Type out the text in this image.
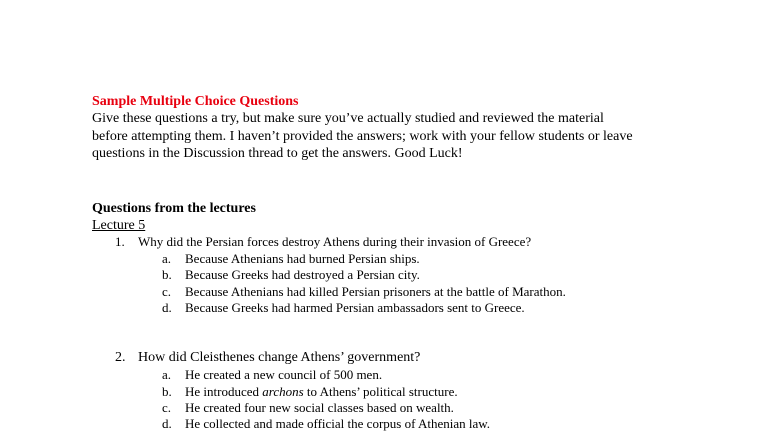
Sample Multiple Choice Questions
Give these questions a try, but make sure you’ve actually studied and reviewed the material
before attempting them. I haven’t provided the answers; work with your fellow students or leave
questions in the Discussion thread to get the answers. Good Luck!
Questions from the lectures
Lecture 5
1. Why did the Persian forces destroy Athens during their invasion of Greece?
a. Because Athenians had burned Persian ships.
b. Because Greeks had destroyed a Persian city.
c. Because Athenians had killed Persian prisoners at the battle of Marathon.
d. Because Greeks had harmed Persian ambassadors sent to Greece.
2. How did Cleisthenes change Athens’ government?
a. He created a new council of 500 men.
b. He introduced archons to Athens’ political structure.
c. He created four new social classes based on wealth.
d. He collected and made official the corpus of Athenian law.
